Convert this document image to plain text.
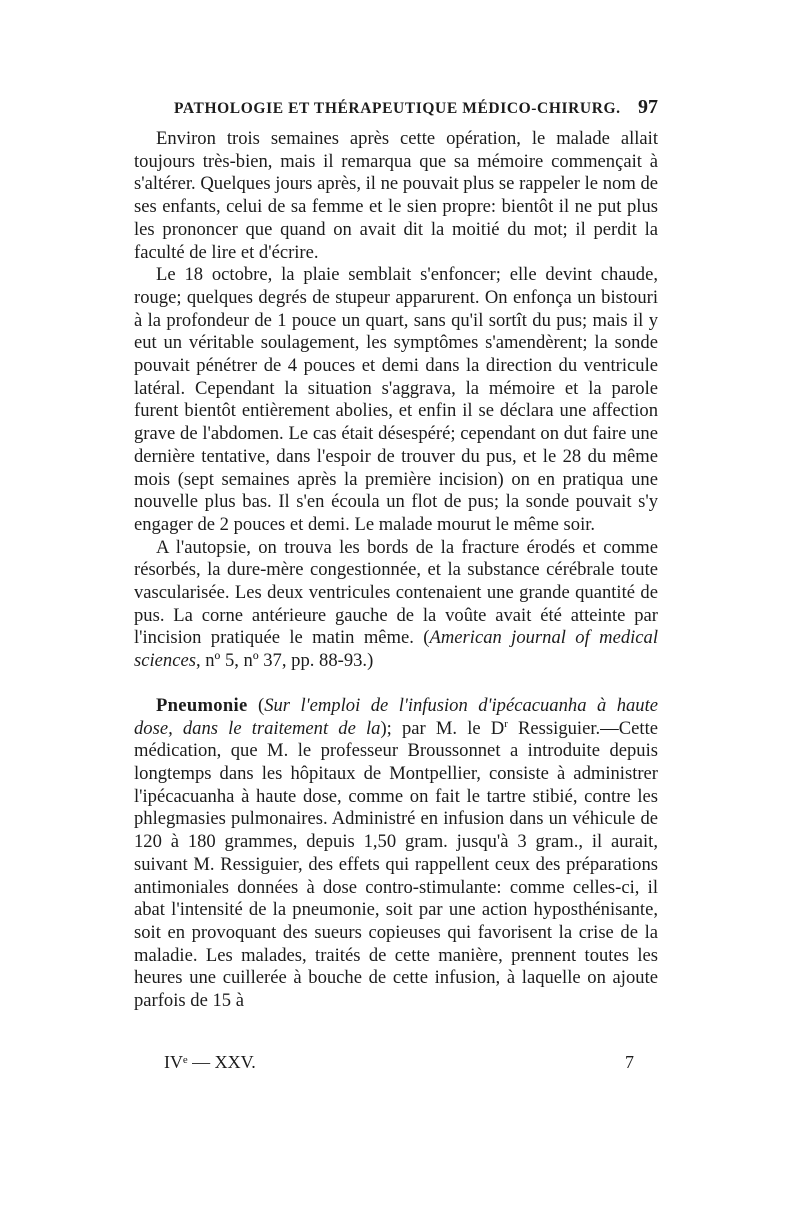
PATHOLOGIE ET THÉRAPEUTIQUE MÉDICO-CHIRURG. 97

Environ trois semaines après cette opération, le malade allait toujours très-bien, mais il remarqua que sa mémoire commençait à s'altérer. Quelques jours après, il ne pouvait plus se rappeler le nom de ses enfants, celui de sa femme et le sien propre: bientôt il ne put plus les prononcer que quand on avait dit la moitié du mot; il perdit la faculté de lire et d'écrire.

Le 18 octobre, la plaie semblait s'enfoncer; elle devint chaude, rouge; quelques degrés de stupeur apparurent. On enfonça un bistouri à la profondeur de 1 pouce un quart, sans qu'il sortît du pus; mais il y eut un véritable soulagement, les symptômes s'amendèrent; la sonde pouvait pénétrer de 4 pouces et demi dans la direction du ventricule latéral. Cependant la situation s'aggrava, la mémoire et la parole furent bientôt entièrement abolies, et enfin il se déclara une affection grave de l'abdomen. Le cas était désespéré; cependant on dut faire une dernière tentative, dans l'espoir de trouver du pus, et le 28 du même mois (sept semaines après la première incision) on en pratiqua une nouvelle plus bas. Il s'en écoula un flot de pus; la sonde pouvait s'y engager de 2 pouces et demi. Le malade mourut le même soir.

A l'autopsie, on trouva les bords de la fracture érodés et comme résorbés, la dure-mère congestionnée, et la substance cérébrale toute vascularisée. Les deux ventricules contenaient une grande quantité de pus. La corne antérieure gauche de la voûte avait été atteinte par l'incision pratiquée le matin même. (American journal of medical sciences, nº 5, nº 37, pp. 88-93.)

Pneumonie (Sur l'emploi de l'infusion d'ipécacuanha à haute dose, dans le traitement de la); par M. le $D^r$ Ressiguier.—Cette médication, que M. le professeur Broussonnet a introduite depuis longtemps dans les hôpitaux de Montpellier, consiste à administrer l'ipécacuanha à haute dose, comme on fait le tartre stibié, contre les phlegmasies pulmonaires. Administré en infusion dans un véhicule de 120 à 180 grammes, depuis 1,50 gram. jusqu'à 3 gram., il aurait, suivant M. Ressiguier, des effets qui rappellent ceux des préparations antimoniales données à dose contro-stimulante: comme celles-ci, il abat l'intensité de la pneumonie, soit par une action hyposthénisante, soit en provoquant des sueurs copieuses qui favorisent la crise de la maladie. Les malades, traités de cette manière, prennent toutes les heures une cuillerée à bouche de cette infusion, à laquelle on ajoute parfois de 15 à

IVᵉ — XXV.	7
